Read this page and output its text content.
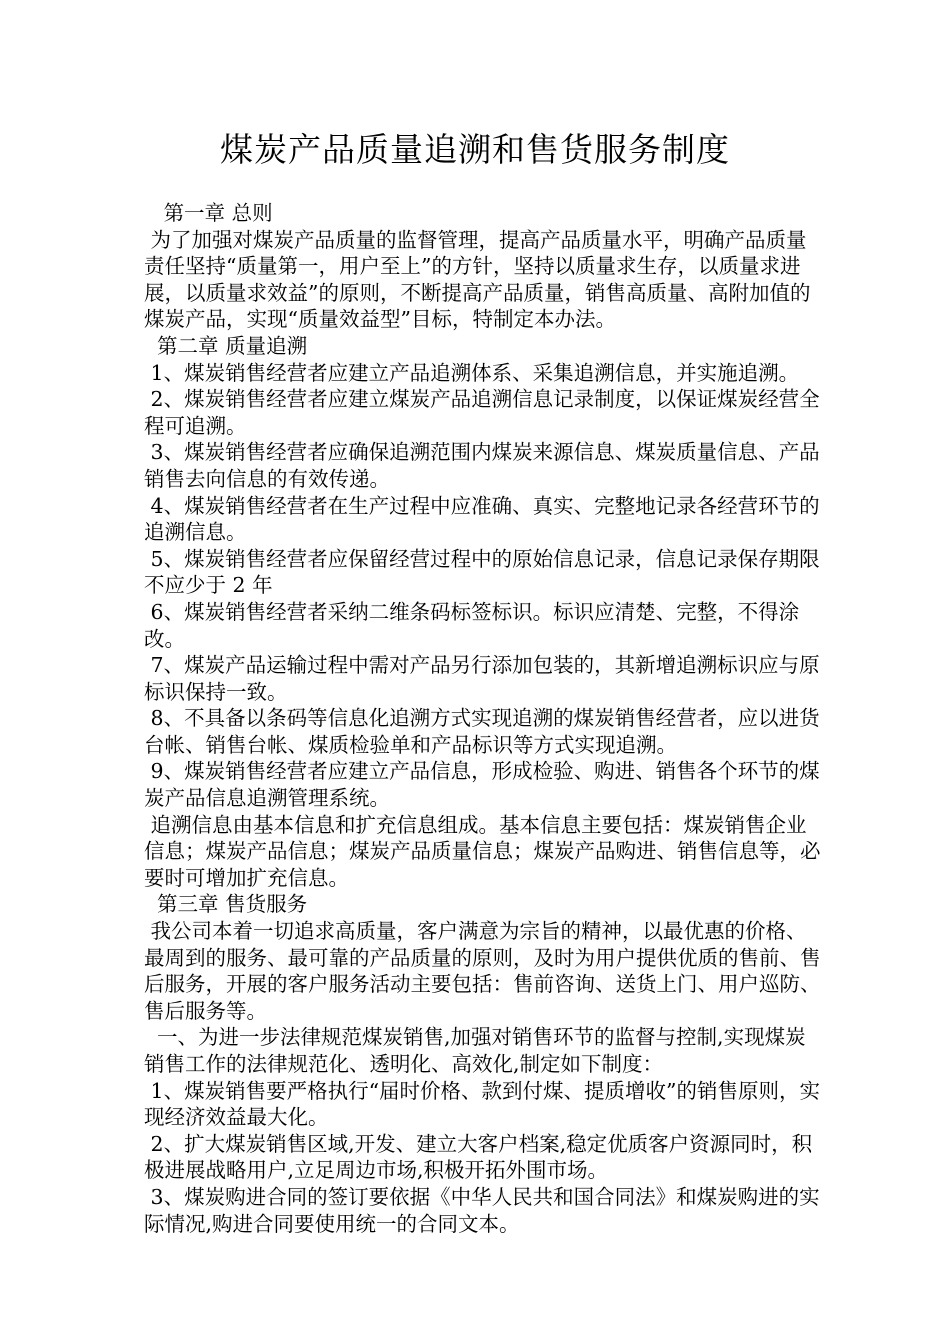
煤炭产品质量追溯和售货服务制度

第一章 总则

为了加强对煤炭产品质量的监督管理，提高产品质量水平，明确产品质量责任坚持“质量第一，用户至上”的方针，坚持以质量求生存，以质量求进展，以质量求效益”的原则，不断提高产品质量，销售高质量、高附加值的煤炭产品，实现“质量效益型”目标，特制定本办法。

第二章 质量追溯

1、煤炭销售经营者应建立产品追溯体系、采集追溯信息，并实施追溯。

2、煤炭销售经营者应建立煤炭产品追溯信息记录制度，以保证煤炭经营全程可追溯。

3、煤炭销售经营者应确保追溯范围内煤炭来源信息、煤炭质量信息、产品销售去向信息的有效传递。

4、煤炭销售经营者在生产过程中应准确、真实、完整地记录各经营环节的追溯信息。

5、煤炭销售经营者应保留经营过程中的原始信息记录，信息记录保存期限不应少于 2 年

6、煤炭销售经营者采纳二维条码标签标识。标识应清楚、完整，不得涂改。

7、煤炭产品运输过程中需对产品另行添加包装的，其新增追溯标识应与原标识保持一致。

8、不具备以条码等信息化追溯方式实现追溯的煤炭销售经营者，应以进货台帐、销售台帐、煤质检验单和产品标识等方式实现追溯。

9、煤炭销售经营者应建立产品信息，形成检验、购进、销售各个环节的煤炭产品信息追溯管理系统。

追溯信息由基本信息和扩充信息组成。基本信息主要包括：煤炭销售企业信息；煤炭产品信息；煤炭产品质量信息；煤炭产品购进、销售信息等，必要时可增加扩充信息。

第三章 售货服务

我公司本着一切追求高质量，客户满意为宗旨的精神，以最优惠的价格、最周到的服务、最可靠的产品质量的原则，及时为用户提供优质的售前、售后服务，开展的客户服务活动主要包括：售前咨询、送货上门、用户巡防、售后服务等。

一、为进一步法律规范煤炭销售,加强对销售环节的监督与控制,实现煤炭销售工作的法律规范化、透明化、高效化,制定如下制度：

1、煤炭销售要严格执行“届时价格、款到付煤、提质增收”的销售原则，实现经济效益最大化。

2、扩大煤炭销售区域,开发、建立大客户档案,稳定优质客户资源同时，积极进展战略用户,立足周边市场,积极开拓外围市场。

3、煤炭购进合同的签订要依据《中华人民共和国合同法》和煤炭购进的实际情况,购进合同要使用统一的合同文本。
